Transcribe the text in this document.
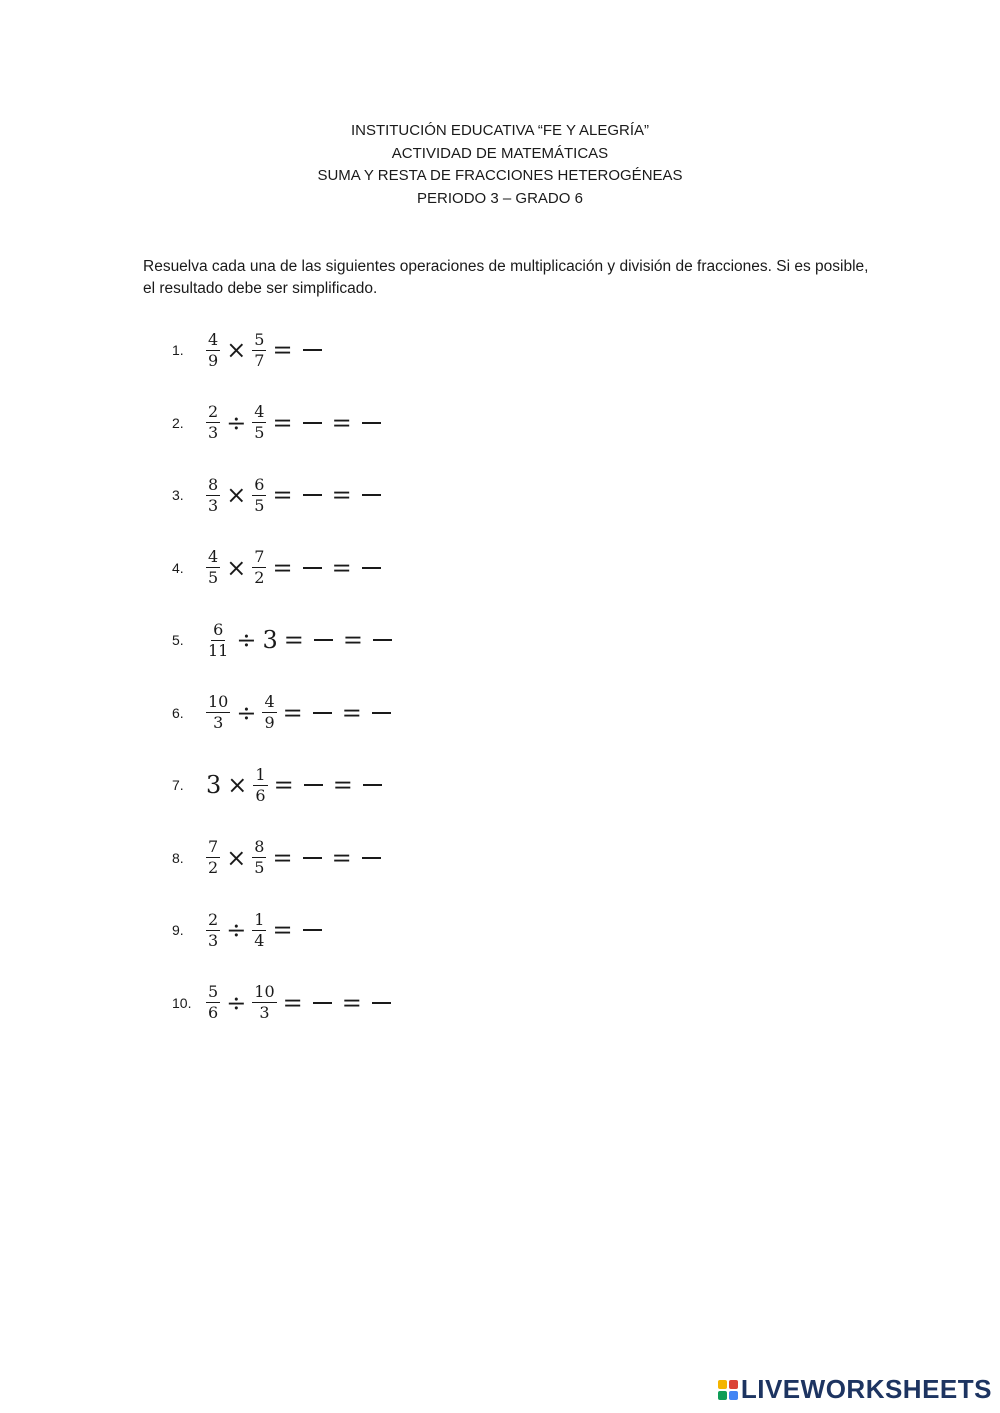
INSTITUCIÓN EDUCATIVA “FE Y ALEGRÍA”
ACTIVIDAD DE MATEMÁTICAS
SUMA Y RESTA DE FRACCIONES HETEROGÉNEAS
PERIODO 3 – GRADO 6
Resuelva cada una de las siguientes operaciones de multiplicación y división de fracciones. Si es posible, el resultado debe ser simplificado.
1.	$\frac{4}{9} \times \frac{5}{7}$ =
2.	$\frac{2}{3} \div \frac{4}{5}$ = =
3.	$\frac{8}{3} \times \frac{6}{5}$ = =
4.	$\frac{4}{5} \times \frac{7}{2}$ = =
5.	$\frac{6}{11} \div 3$ = =
6.	$\frac{10}{3} \div \frac{4}{9}$ = =
7. $3 \times \frac{1}{6}$ = =
8.	$\frac{7}{2} \times \frac{8}{5}$ = =
9.	$\frac{2}{3} \div \frac{1}{4}$ =
10. $\frac{5}{6} \div \frac{10}{3}$ = =
LIVEWORKSHEETS
